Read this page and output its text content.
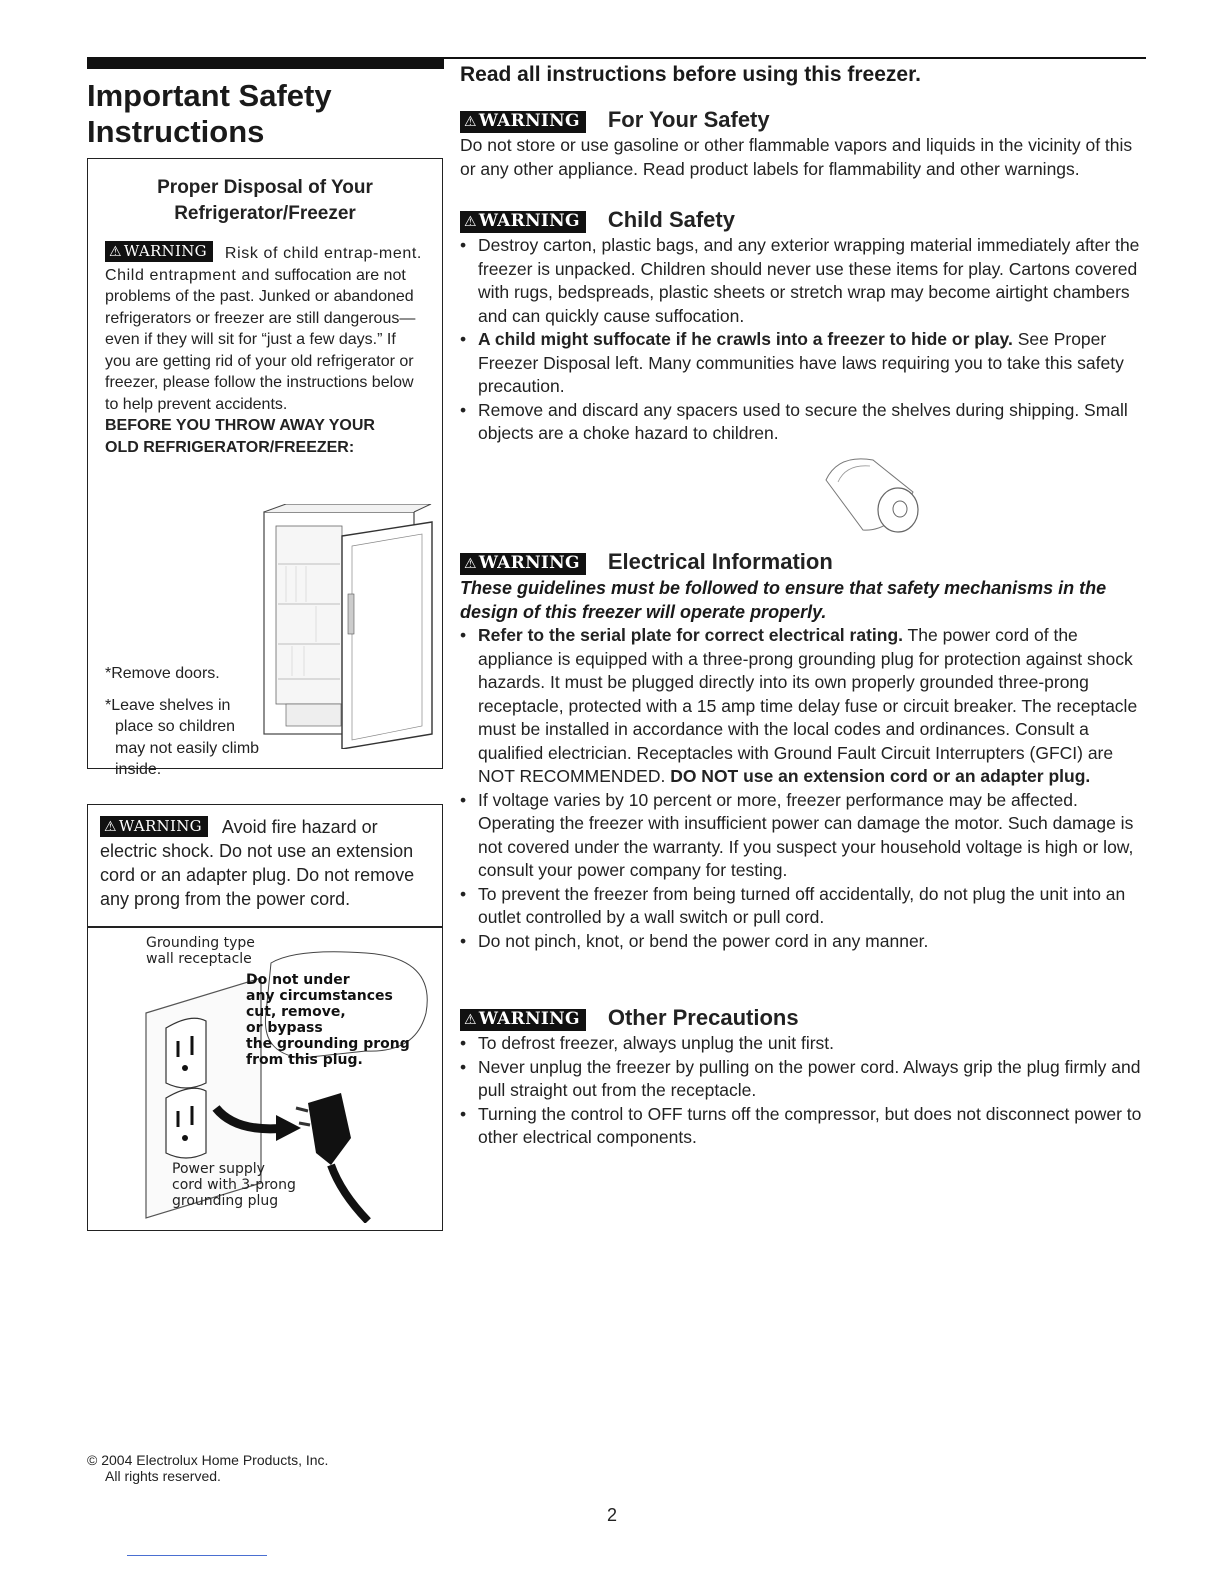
Important Safety
Instructions
Proper Disposal of Your
Refrigerator/Freezer
⚠ WARNING Risk of child entrap-ment. Child entrapment and suffocation are not problems of the past. Junked or abandoned refrigerators or freezer are still dangerous—even if they will sit for “just a few days.” If you are getting rid of your old refrigerator or freezer, please follow the instructions below to help prevent accidents.
BEFORE YOU THROW AWAY YOUR
OLD REFRIGERATOR/FREEZER:
*Remove doors.
*Leave shelves in
place so children may not easily climb inside.
⚠ WARNING Avoid fire hazard or electric shock. Do not use an extension cord or an adapter plug. Do not remove any prong from the power cord.
Grounding type
wall receptacle
Do not under
any circumstances
cut, remove,
or bypass
the grounding prong
from this plug.
Power supply
cord with 3-prong
grounding plug
Read all instructions before using this freezer.
⚠ WARNING For Your Safety
Do not store or use gasoline or other flammable vapors and liquids in the vicinity of this or any other appliance. Read product labels for flammability and other warnings.
⚠ WARNING Child Safety
• Destroy carton, plastic bags, and any exterior wrapping material immediately after the freezer is unpacked. Children should never use these items for play. Cartons covered with rugs, bedspreads, plastic sheets or stretch wrap may become airtight chambers and can quickly cause suffocation.
• A child might suffocate if he crawls into a freezer to hide or play. See Proper Freezer Disposal left. Many communities have laws requiring you to take this safety precaution.
• Remove and discard any spacers used to secure the shelves during shipping. Small objects are a choke hazard to children.
⚠ WARNING Electrical Information
These guidelines must be followed to ensure that safety mechanisms in the design of this freezer will operate properly.
• Refer to the serial plate for correct electrical rating. The power cord of the appliance is equipped with a three-prong grounding plug for protection against shock hazards. It must be plugged directly into its own properly grounded three-prong receptacle, protected with a 15 amp time delay fuse or circuit breaker. The receptacle must be installed in accordance with the local codes and ordinances. Consult a qualified electrician. Receptacles with Ground Fault Circuit Interrupters (GFCI) are NOT RECOMMENDED. DO NOT use an extension cord or an adapter plug.
• If voltage varies by 10 percent or more, freezer performance may be affected. Operating the freezer with insufficient power can damage the motor. Such damage is not covered under the warranty. If you suspect your household voltage is high or low, consult your power company for testing.
• To prevent the freezer from being turned off accidentally, do not plug the unit into an outlet controlled by a wall switch or pull cord.
• Do not pinch, knot, or bend the power cord in any manner.
⚠ WARNING Other Precautions
• To defrost freezer, always unplug the unit first.
• Never unplug the freezer by pulling on the power cord. Always grip the plug firmly and pull straight out from the receptacle.
• Turning the control to OFF turns off the compressor, but does not disconnect power to other electrical components.
© 2004 Electrolux Home Products, Inc.
All rights reserved.
2
